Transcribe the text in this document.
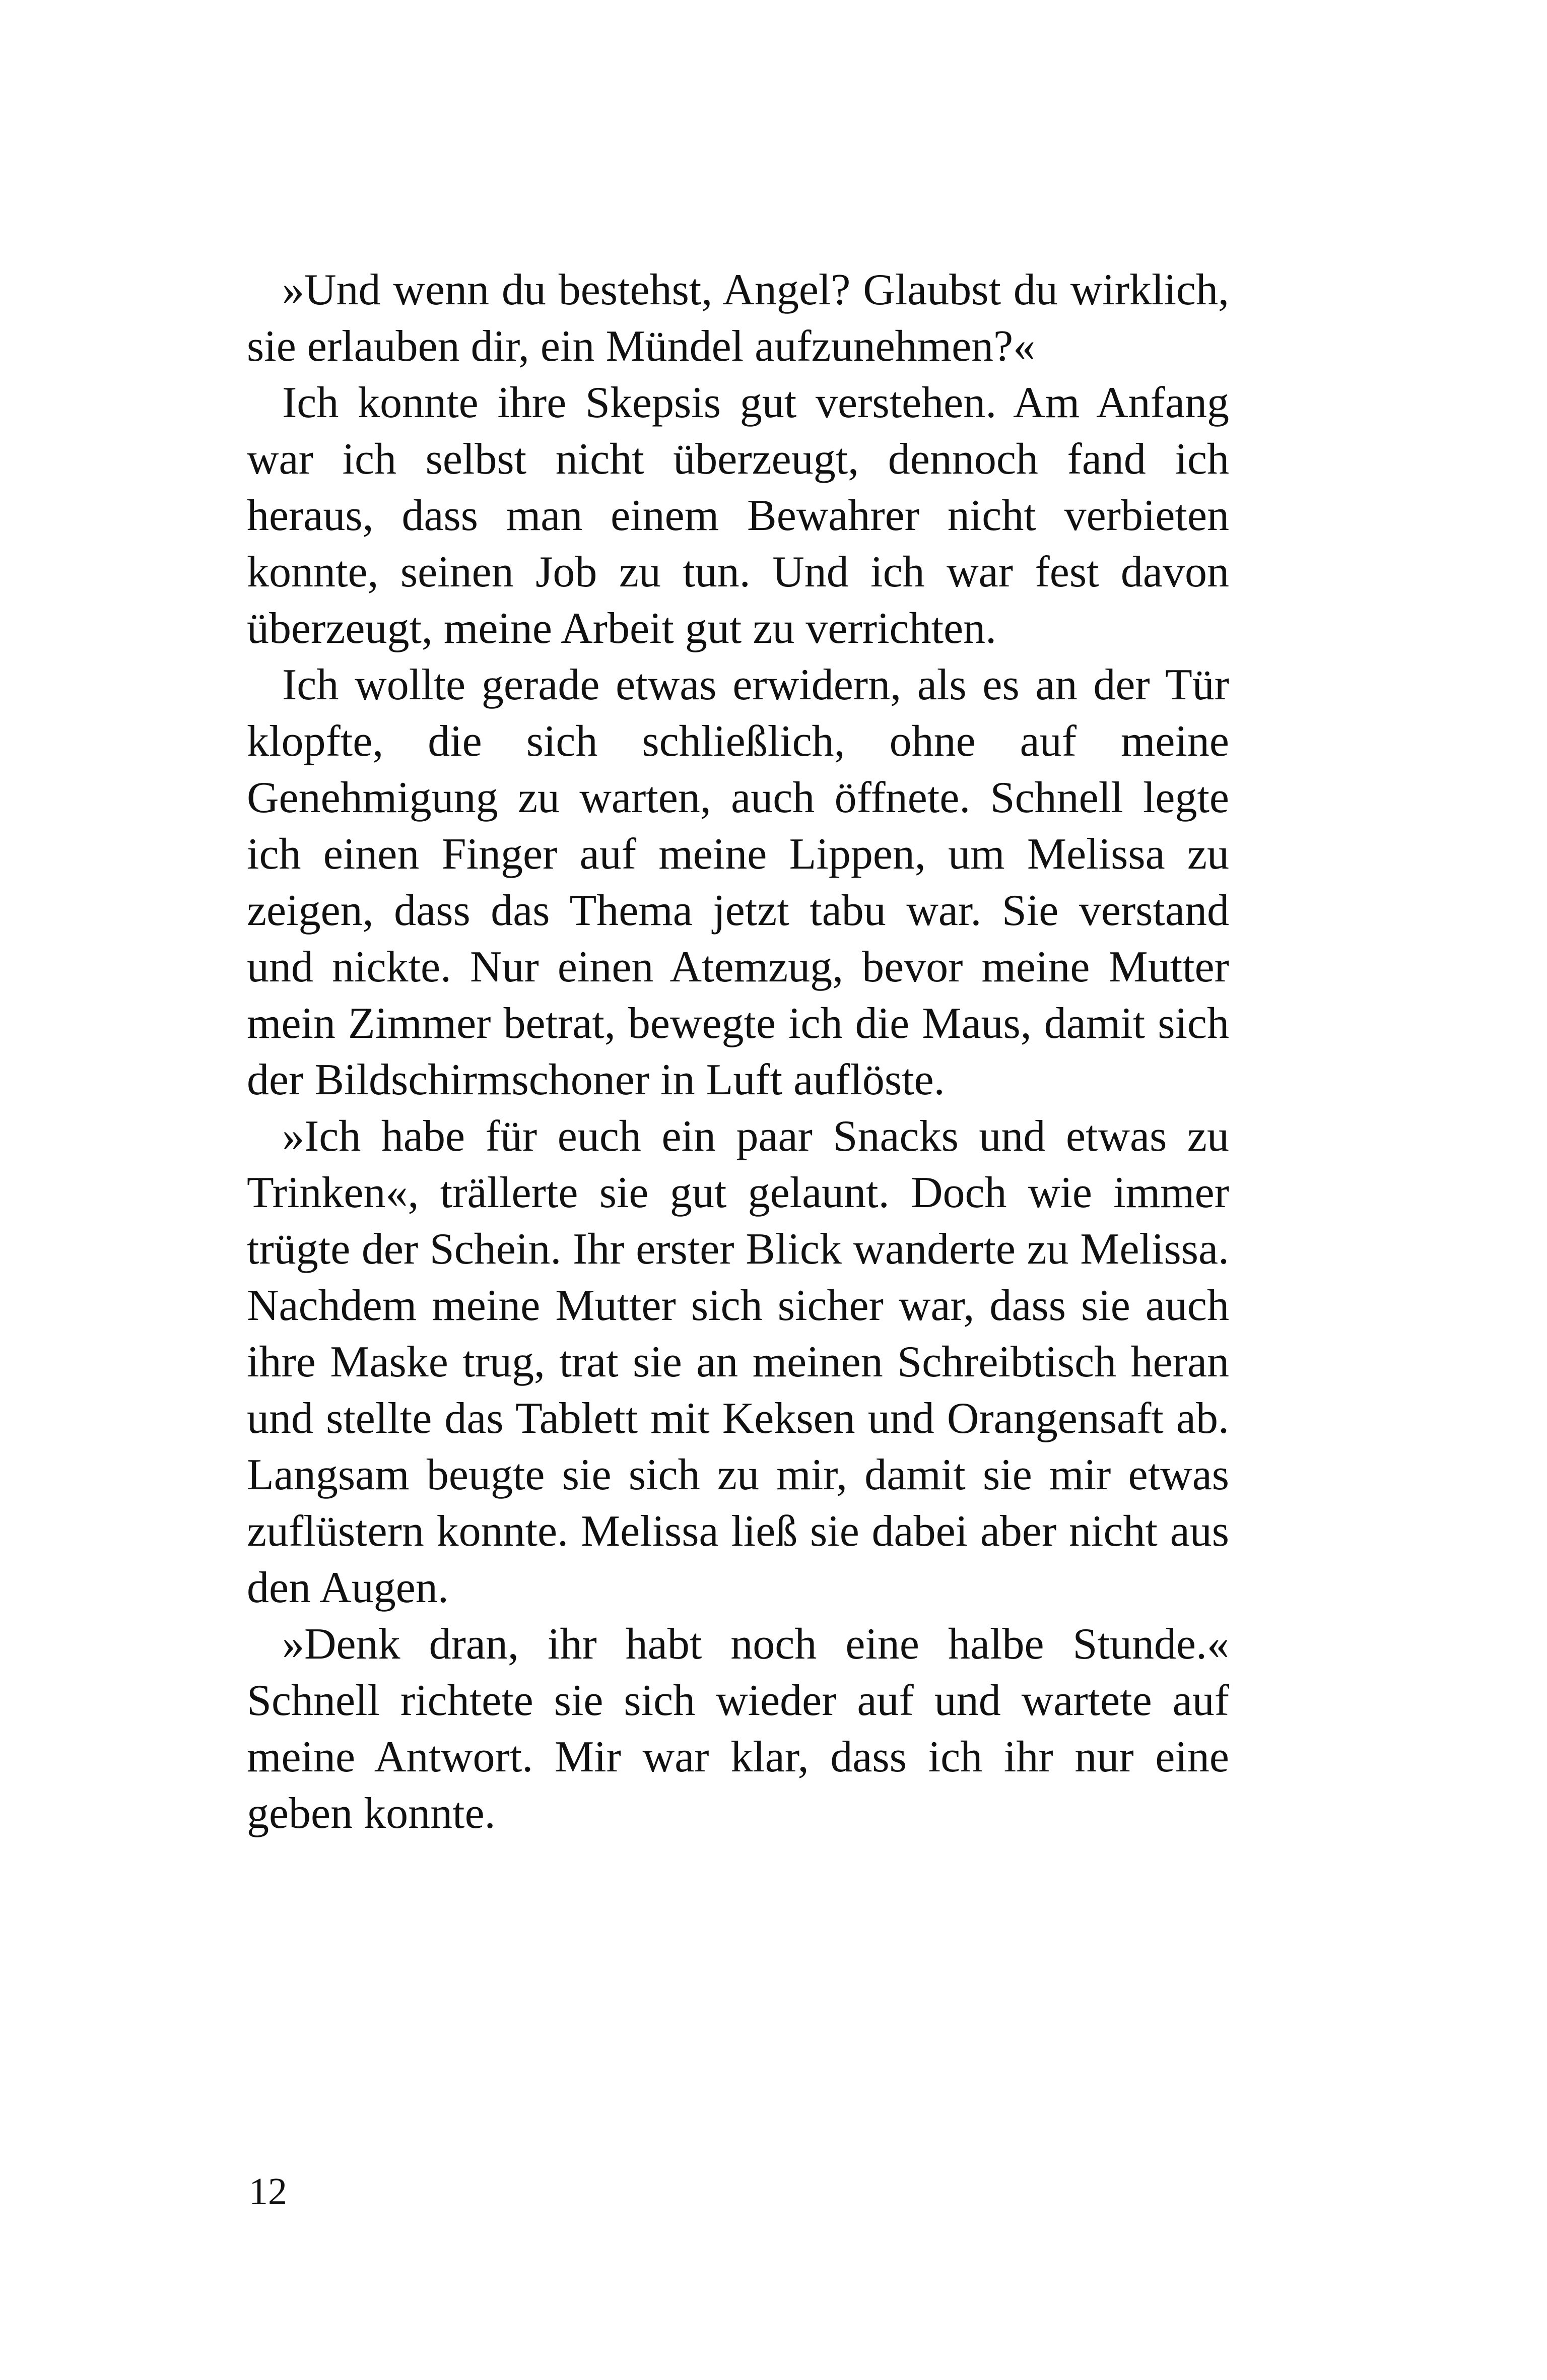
»Und wenn du bestehst, Angel? Glaubst du wirklich, sie erlauben dir, ein Mündel aufzunehmen?«

Ich konnte ihre Skepsis gut verstehen. Am Anfang war ich selbst nicht überzeugt, dennoch fand ich heraus, dass man einem Bewahrer nicht verbieten konnte, seinen Job zu tun. Und ich war fest davon überzeugt, meine Arbeit gut zu verrichten.

Ich wollte gerade etwas erwidern, als es an der Tür klopfte, die sich schließlich, ohne auf meine Genehmigung zu warten, auch öffnete. Schnell legte ich einen Finger auf meine Lippen, um Melissa zu zeigen, dass das Thema jetzt tabu war. Sie verstand und nickte. Nur einen Atemzug, bevor meine Mutter mein Zimmer betrat, bewegte ich die Maus, damit sich der Bildschirmschoner in Luft auflöste.

»Ich habe für euch ein paar Snacks und etwas zu Trinken«, trällerte sie gut gelaunt. Doch wie immer trügte der Schein. Ihr erster Blick wanderte zu Melissa. Nachdem meine Mutter sich sicher war, dass sie auch ihre Maske trug, trat sie an meinen Schreibtisch heran und stellte das Tablett mit Keksen und Orangensaft ab. Langsam beugte sie sich zu mir, damit sie mir etwas zuflüstern konnte. Melissa ließ sie dabei aber nicht aus den Augen.

»Denk dran, ihr habt noch eine halbe Stunde.« Schnell richtete sie sich wieder auf und wartete auf meine Antwort. Mir war klar, dass ich ihr nur eine geben konnte.

12
